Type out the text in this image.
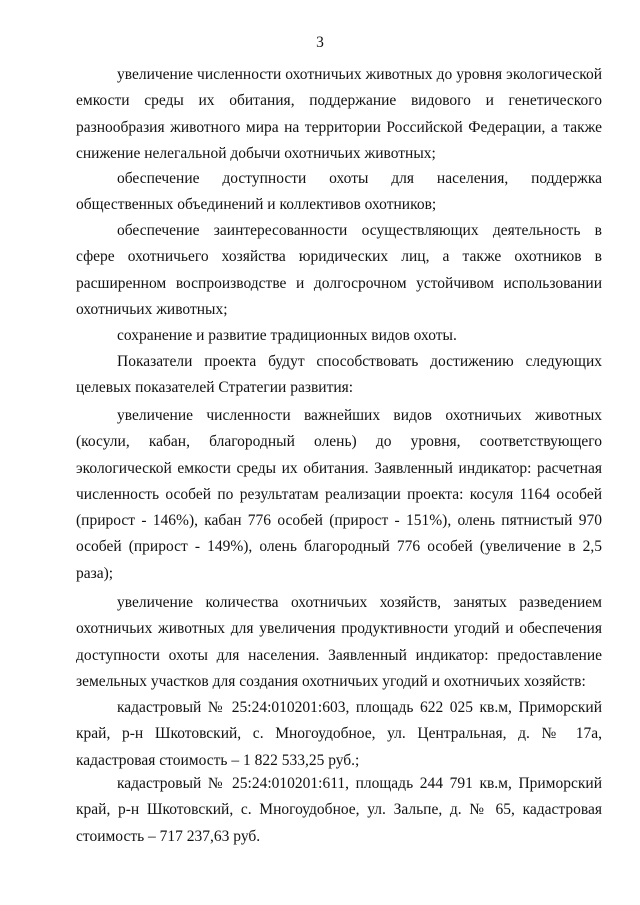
3

увеличение численности охотничьих животных до уровня экологической емкости среды их обитания, поддержание видового и генетического разнообразия животного мира на территории Российской Федерации, а также снижение нелегальной добычи охотничьих животных;

обеспечение доступности охоты для населения, поддержка общественных объединений и коллективов охотников;

обеспечение заинтересованности осуществляющих деятельность в сфере охотничьего хозяйства юридических лиц, а также охотников в расширенном воспроизводстве и долгосрочном устойчивом использовании охотничьих животных;

сохранение и развитие традиционных видов охоты.

Показатели проекта будут способствовать достижению следующих целевых показателей Стратегии развития:

увеличение численности важнейших видов охотничьих животных (косули, кабан, благородный олень) до уровня, соответствующего экологической емкости среды их обитания. Заявленный индикатор: расчетная численность особей по результатам реализации проекта: косуля 1164 особей (прирост - 146%), кабан 776 особей (прирост - 151%), олень пятнистый 970 особей (прирост - 149%), олень благородный 776 особей (увеличение в 2,5 раза);

увеличение количества охотничьих хозяйств, занятых разведением охотничьих животных для увеличения продуктивности угодий и обеспечения доступности охоты для населения. Заявленный индикатор: предоставление земельных участков для создания охотничьих угодий и охотничьих хозяйств:

кадастровый № 25:24:010201:603, площадь 622 025 кв.м, Приморский край, р-н Шкотовский, с. Многоудобное, ул. Центральная, д. № 17а, кадастровая стоимость – 1 822 533,25 руб.;

кадастровый № 25:24:010201:611, площадь 244 791 кв.м, Приморский край, р-н Шкотовский, с. Многоудобное, ул. Зальпе, д. № 65, кадастровая стоимость – 717 237,63 руб.
